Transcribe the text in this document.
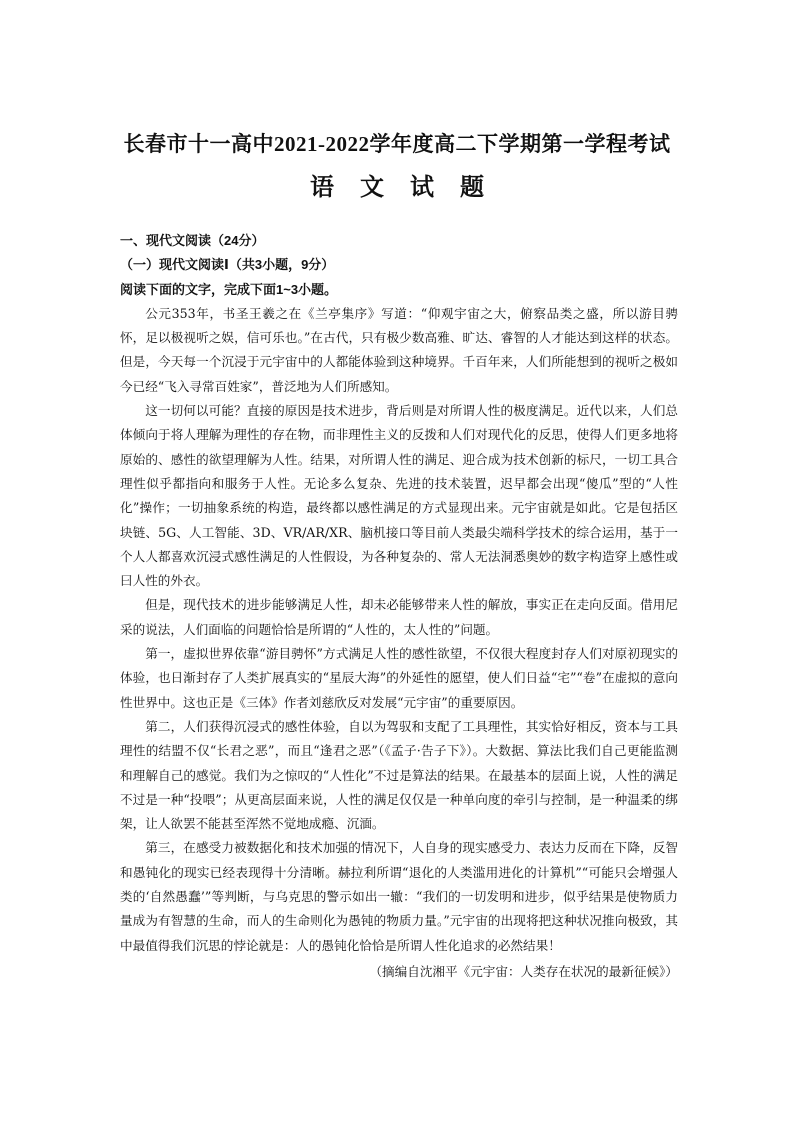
长春市十一高中2021-2022学年度高二下学期第一学程考试
语文试题
一、现代文阅读（24分）
（一）现代文阅读Ⅰ（共3小题，9分）
阅读下面的文字，完成下面1~3小题。

公元353年，书圣王羲之在《兰亭集序》写道：“仰观宇宙之大，俯察品类之盛，所以游目骋怀，足以极视听之娱，信可乐也。”在古代，只有极少数高雅、旷达、睿智的人才能达到这样的状态。但是，今天每一个沉浸于元宇宙中的人都能体验到这种境界。千百年来，人们所能想到的视听之极如今已经“飞入寻常百姓家”，普泛地为人们所感知。

这一切何以可能？直接的原因是技术进步，背后则是对所谓人性的极度满足。近代以来，人们总体倾向于将人理解为理性的存在物，而非理性主义的反拨和人们对现代化的反思，使得人们更多地将原始的、感性的欲望理解为人性。结果，对所谓人性的满足、迎合成为技术创新的标尺，一切工具合理性似乎都指向和服务于人性。无论多么复杂、先进的技术装置，迟早都会出现“傻瓜”型的“人性化”操作；一切抽象系统的构造，最终都以感性满足的方式显现出来。元宇宙就是如此。它是包括区块链、5G、人工智能、3D、VR/AR/XR、脑机接口等目前人类最尖端科学技术的综合运用，基于一个人人都喜欢沉浸式感性满足的人性假设，为各种复杂的、常人无法洞悉奥妙的数字构造穿上感性或曰人性的外衣。

但是，现代技术的进步能够满足人性，却未必能够带来人性的解放，事实正在走向反面。借用尼采的说法，人们面临的问题恰恰是所谓的“人性的，太人性的”问题。

第一，虚拟世界依靠“游目骋怀”方式满足人性的感性欲望，不仅很大程度封存人们对原初现实的体验，也日渐封存了人类扩展真实的“星辰大海”的外延性的愿望，使人们日益“宅”“卷”在虚拟的意向性世界中。这也正是《三体》作者刘慈欣反对发展“元宇宙”的重要原因。

第二，人们获得沉浸式的感性体验，自以为驾驭和支配了工具理性，其实恰好相反，资本与工具理性的结盟不仅“长君之恶”，而且“逢君之恶”（《孟子·告子下》）。大数据、算法比我们自己更能监测和理解自己的感觉。我们为之惊叹的“人性化”不过是算法的结果。在最基本的层面上说，人性的满足不过是一种“投喂”；从更高层面来说，人性的满足仅仅是一种单向度的牵引与控制，是一种温柔的绑架，让人欲罢不能甚至浑然不觉地成瘾、沉湎。

第三，在感受力被数据化和技术加强的情况下，人自身的现实感受力、表达力反而在下降，反智和愚钝化的现实已经表现得十分清晰。赫拉利所谓“退化的人类滥用进化的计算机”“可能只会增强人类的‘自然愚蠢’”等判断，与乌克思的警示如出一辙：“我们的一切发明和进步，似乎结果是使物质力量成为有智慧的生命，而人的生命则化为愚钝的物质力量。”元宇宙的出现将把这种状况推向极致，其中最值得我们沉思的悖论就是：人的愚钝化恰恰是所谓人性化追求的必然结果！

（摘编自沈湘平《元宇宙：人类存在状况的最新征候》）
